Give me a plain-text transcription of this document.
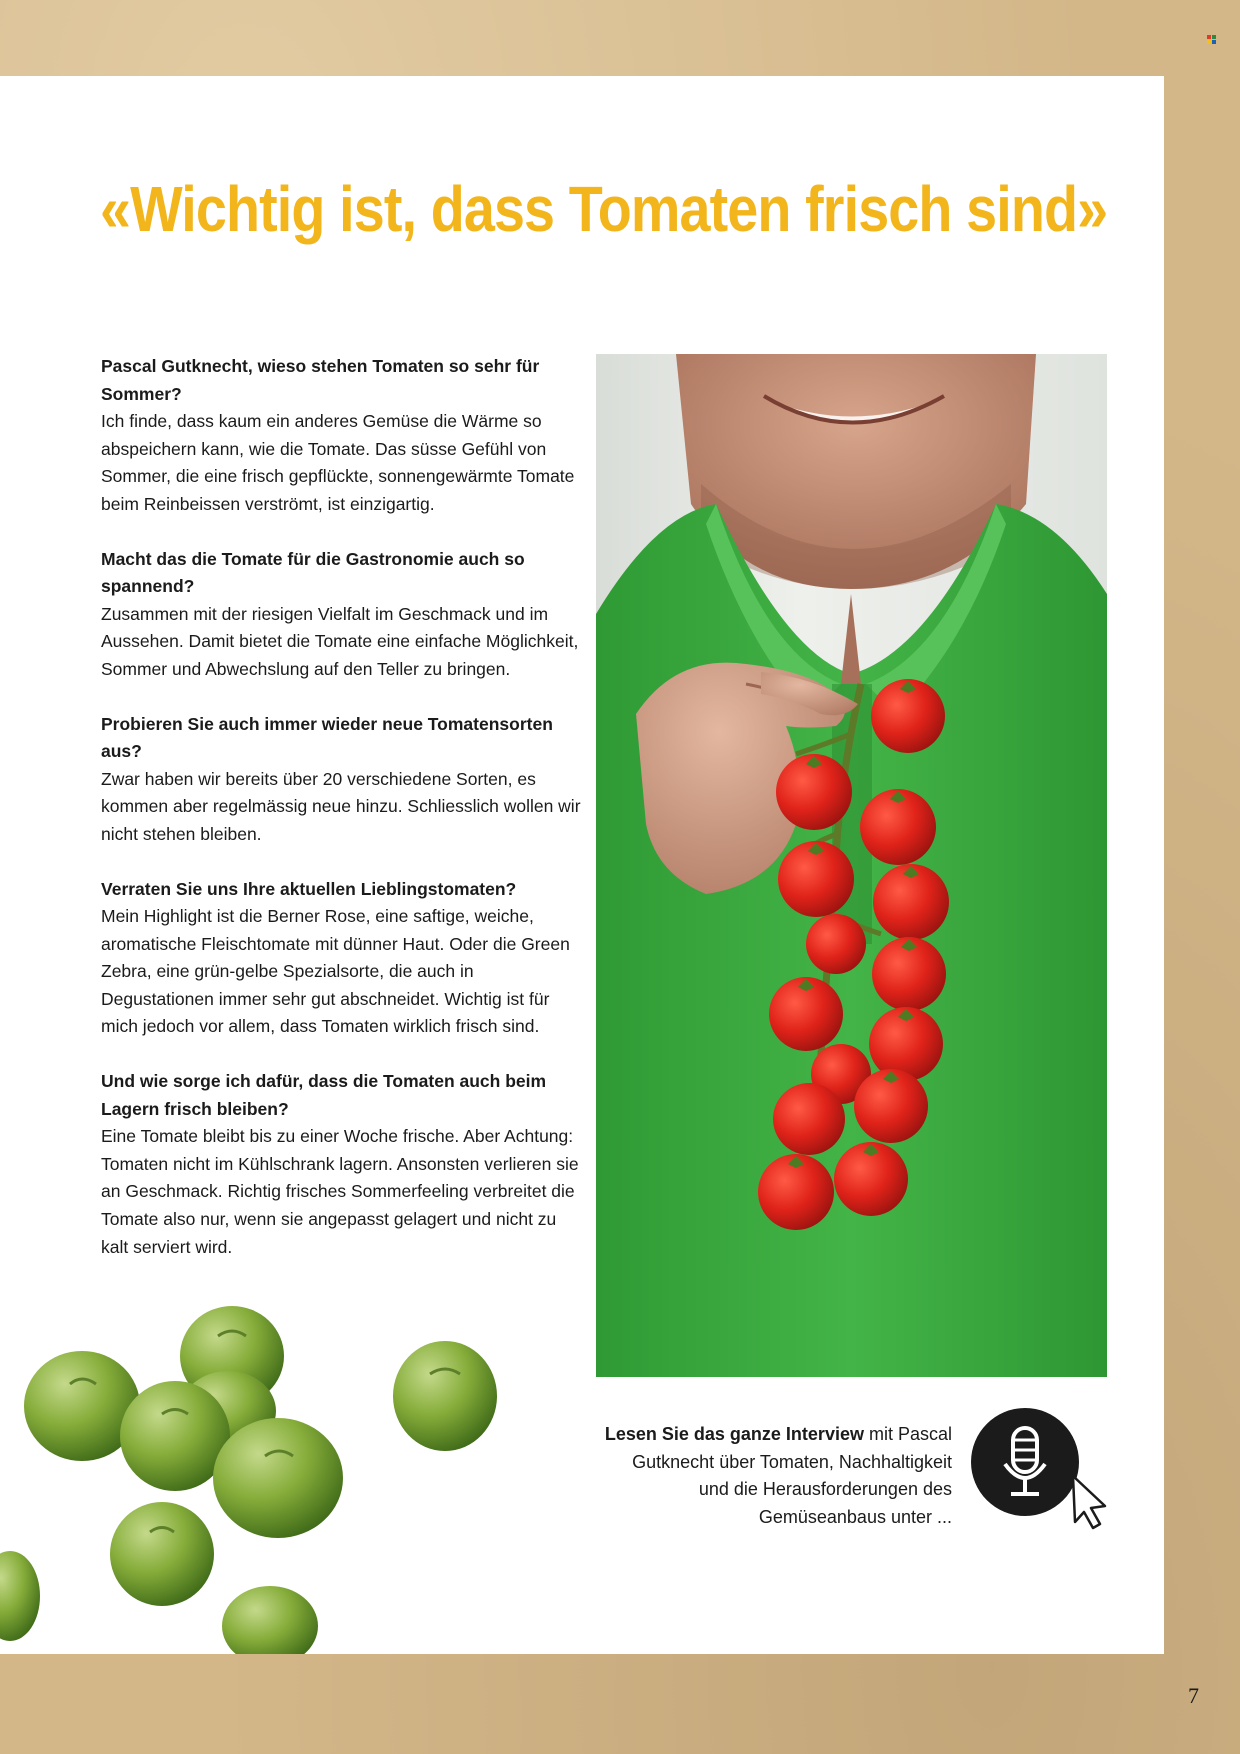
«Wichtig ist, dass Tomaten frisch sind»

Pascal Gutknecht, wieso stehen Tomaten so sehr für Sommer?
Ich finde, dass kaum ein anderes Gemüse die Wärme so abspeichern kann, wie die Tomate. Das süsse Gefühl von Sommer, die eine frisch gepflückte, sonnengewärmte Tomate beim Reinbeissen verströmt, ist einzigartig.

Macht das die Tomate für die Gastronomie auch so spannend?
Zusammen mit der riesigen Vielfalt im Geschmack und im Aussehen. Damit bietet die Tomate eine einfache Möglichkeit, Sommer und Abwechslung auf den Teller zu bringen.

Probieren Sie auch immer wieder neue Tomatensorten aus?
Zwar haben wir bereits über 20 verschiedene Sorten, es kommen aber regelmässig neue hinzu. Schliesslich wollen wir nicht stehen bleiben.

Verraten Sie uns Ihre aktuellen Lieblingstomaten?
Mein Highlight ist die Berner Rose, eine saftige, weiche, aromatische Fleischtomate mit dünner Haut. Oder die Green Zebra, eine grün-gelbe Spezialsorte, die auch in Degustationen immer sehr gut abschneidet. Wichtig ist für mich jedoch vor allem, dass Tomaten wirklich frisch sind.

Und wie sorge ich dafür, dass die Tomaten auch beim Lagern frisch bleiben?
Eine Tomate bleibt bis zu einer Woche frische. Aber Achtung: Tomaten nicht im Kühlschrank lagern. Ansonsten verlieren sie an Geschmack. Richtig frisches Sommerfeeling verbreitet die Tomate also nur, wenn sie angepasst gelagert und nicht zu kalt serviert wird.

Lesen Sie das ganze Interview mit Pascal Gutknecht über Tomaten, Nachhaltigkeit und die Herausforderungen des Gemüseanbaus unter ...

7
